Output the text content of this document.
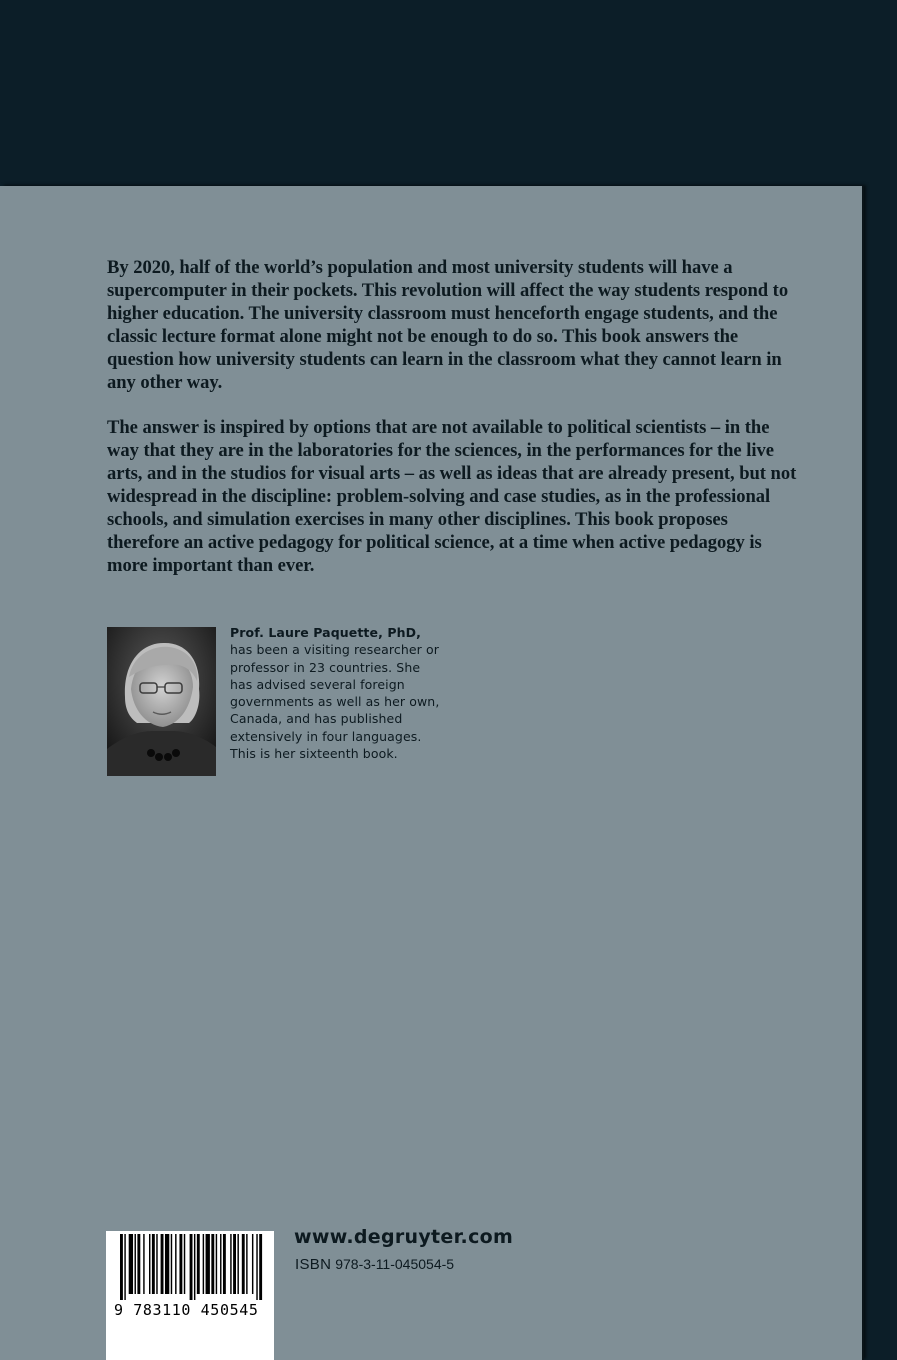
By 2020, half of the world’s population and most university students will have a supercomputer in their pockets. This revolution will affect the way students respond to higher education. The university classroom must henceforth engage students, and the classic lecture format alone might not be enough to do so. This book answers the question how university students can learn in the classroom what they cannot learn in any other way.

The answer is inspired by options that are not available to political scientists – in the way that they are in the laboratories for the sciences, in the performances for the live arts, and in the studios for visual arts – as well as ideas that are already present, but not widespread in the discipline: problem-solving and case studies, as in the professional schools, and simulation exercises in many other disciplines. This book proposes therefore an active pedagogy for political science, at a time when active pedagogy is more important than ever.

Prof. Laure Paquette, PhD,
has been a visiting researcher or professor in 23 countries. She has advised several foreign governments as well as her own, Canada, and has published extensively in four languages. This is her sixteenth book.

9 783110 450545

www.degruyter.com

ISBN 978-3-11-045054-5
